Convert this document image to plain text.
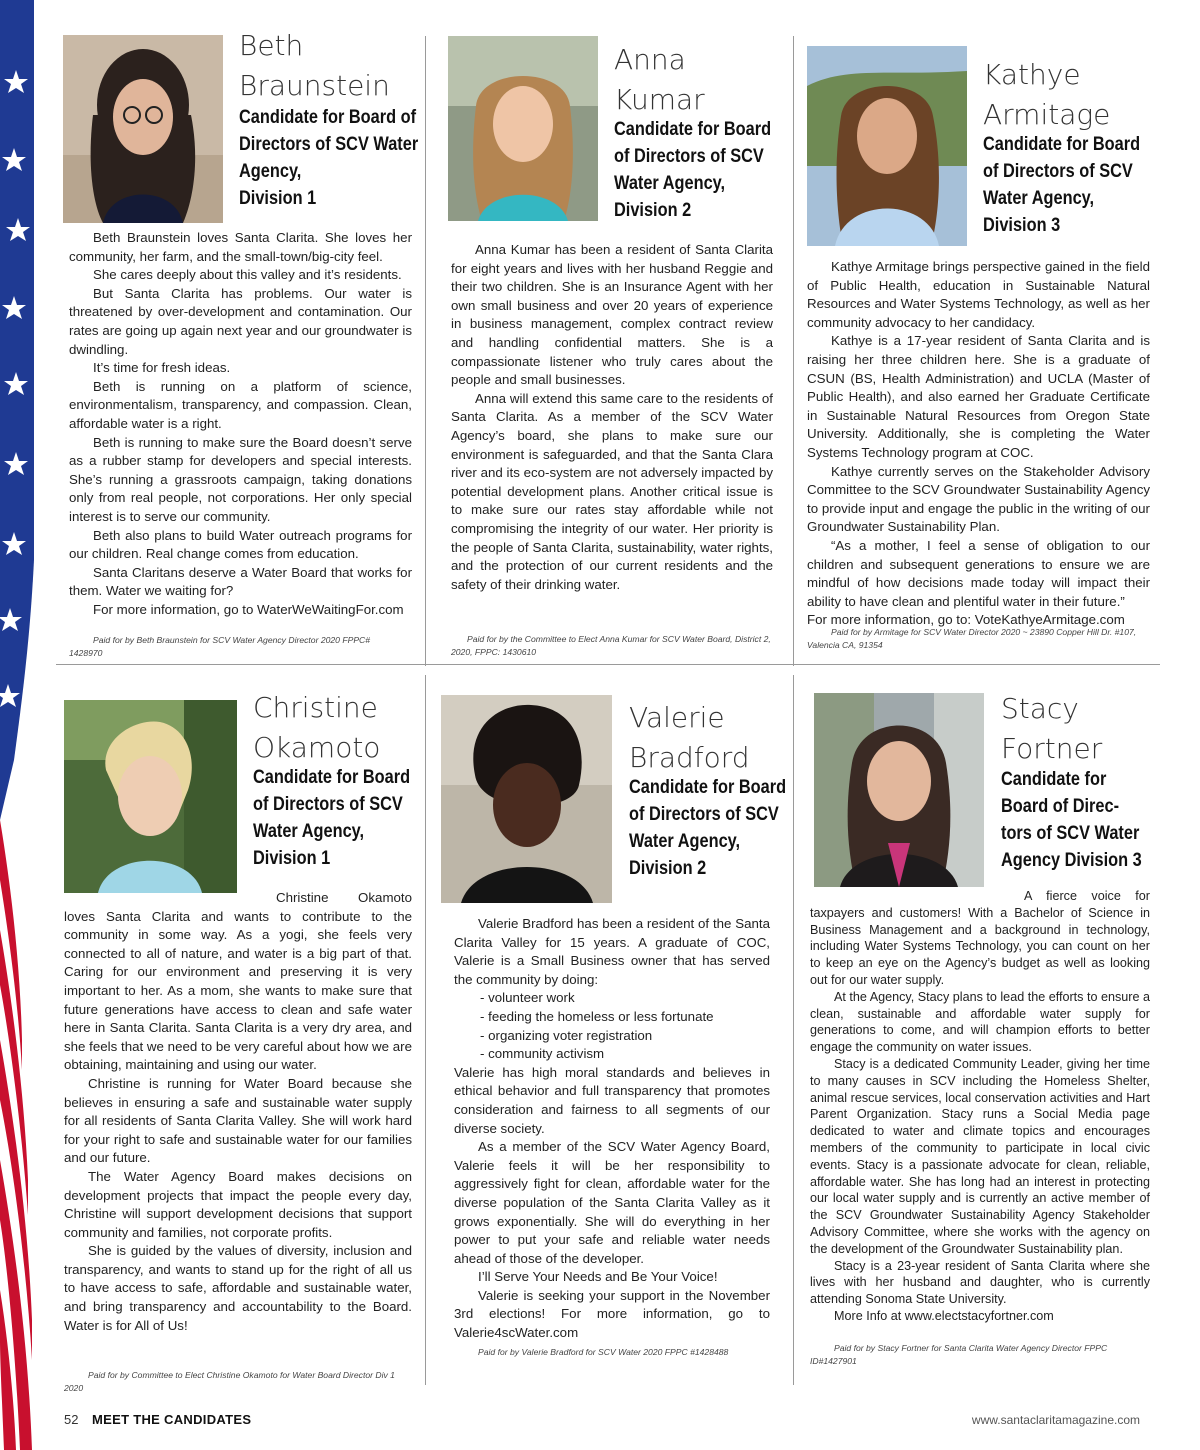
Beth
Braunstein
Candidate for Board of
Directors of SCV Water
Agency,
Division 1

Beth Braunstein loves Santa Clarita. She loves her community, her farm, and the small-town/big-city feel.

She cares deeply about this valley and it’s residents.

But Santa Clarita has problems. Our water is threatened by over-development and contamination. Our rates are going up again next year and our groundwater is dwindling.

It’s time for fresh ideas.

Beth is running on a platform of science, environmentalism, transparency, and compassion. Clean, affordable water is a right.

Beth is running to make sure the Board doesn’t serve as a rubber stamp for developers and special interests. She’s running a grassroots campaign, taking donations only from real people, not corporations. Her only special interest is to serve our community.

Beth also plans to build Water outreach programs for our children. Real change comes from education.

Santa Claritans deserve a Water Board that works for them. Water we waiting for?

For more information, go to WaterWeWaitingFor.com

Paid for by Beth Braunstein for SCV Water Agency Director 2020 FPPC# 1428970
Anna
Kumar
Candidate for Board
of Directors of SCV
Water Agency,
Division 2

Anna Kumar has been a resident of Santa Clarita for eight years and lives with her husband Reggie and their two children. She is an Insurance Agent with her own small business and over 20 years of experience in business management, complex contract review and handling confidential matters. She is a compassionate listener who truly cares about the people and small businesses.

Anna will extend this same care to the residents of Santa Clarita. As a member of the SCV Water Agency’s board, she plans to make sure our environment is safeguarded, and that the Santa Clara river and its eco-system are not adversely impacted by potential development plans. Another critical issue is to make sure our rates stay affordable while not compromising the integrity of our water. Her priority is the people of Santa Clarita, sustainability, water rights, and the protection of our current residents and the safety of their drinking water.

Paid for by the Committee to Elect Anna Kumar for SCV Water Board, District 2, 2020, FPPC: 1430610
Kathye
Armitage
Candidate for Board
of Directors of SCV
Water Agency,
Division 3

Kathye Armitage brings perspective gained in the field of Public Health, education in Sustainable Natural Resources and Water Systems Technology, as well as her community advocacy to her candidacy.

Kathye is a 17-year resident of Santa Clarita and is raising her three children here. She is a graduate of CSUN (BS, Health Administration) and UCLA (Master of Public Health), and also earned her Graduate Certificate in Sustainable Natural Resources from Oregon State University. Additionally, she is completing the Water Systems Technology program at COC.

Kathye currently serves on the Stakeholder Advisory Committee to the SCV Groundwater Sustainability Agency to provide input and engage the public in the writing of our Groundwater Sustainability Plan.

“As a mother, I feel a sense of obligation to our children and subsequent generations to ensure we are mindful of how decisions made today will impact their ability to have clean and plentiful water in their future.”

For more information, go to: VoteKathyeArmitage.com

Paid for by Armitage for SCV Water Director 2020 ~ 23890 Copper Hill Dr. #107, Valencia CA, 91354
Christine
Okamoto
Candidate for Board
of Directors of SCV
Water Agency,
Division 1

Christine Okamoto loves Santa Clarita and wants to contribute to the community in some way. As a yogi, she feels very connected to all of nature, and water is a big part of that. Caring for our environment and preserving it is very important to her. As a mom, she wants to make sure that future generations have access to clean and safe water here in Santa Clarita. Santa Clarita is a very dry area, and she feels that we need to be very careful about how we are obtaining, maintaining and using our water.

Christine is running for Water Board because she believes in ensuring a safe and sustainable water supply for all residents of Santa Clarita Valley. She will work hard for your right to safe and sustainable water for our families and our future.

The Water Agency Board makes decisions on development projects that impact the people every day, Christine will support development decisions that support community and families, not corporate profits.

She is guided by the values of diversity, inclusion and transparency, and wants to stand up for the right of all us to have access to safe, affordable and sustainable water, and bring transparency and accountability to the Board. Water is for All of Us!

Paid for by Committee to Elect Christine Okamoto for Water Board Director Div 1 2020
Valerie
Bradford
Candidate for Board
of Directors of SCV
Water Agency,
Division 2

Valerie Bradford has been a resident of the Santa Clarita Valley for 15 years. A graduate of COC, Valerie is a Small Business owner that has served the community by doing:

- volunteer work

- feeding the homeless or less fortunate

- organizing voter registration

- community activism

Valerie has high moral standards and believes in ethical behavior and full transparency that promotes consideration and fairness to all segments of our diverse society.

As a member of the SCV Water Agency Board, Valerie feels it will be her responsibility to aggressively fight for clean, affordable water for the diverse population of the Santa Clarita Valley as it grows exponentially. She will do everything in her power to put your safe and reliable water needs ahead of those of the developer.

I’ll Serve Your Needs and Be Your Voice!

Valerie is seeking your support in the November 3rd elections! For more information, go to Valerie4scWater.com

Paid for by Valerie Bradford for SCV Water 2020 FPPC #1428488
Stacy
Fortner
Candidate for
Board of Direc-
tors of SCV Water
Agency Division 3

A fierce voice for taxpayers and customers! With a Bachelor of Science in Business Management and a background in technology, including Water Systems Technology, you can count on her to keep an eye on the Agency’s budget as well as looking out for our water supply.

At the Agency, Stacy plans to lead the efforts to ensure a clean, sustainable and affordable water supply for generations to come, and will champion efforts to better engage the community on water issues.

Stacy is a dedicated Community Leader, giving her time to many causes in SCV including the Homeless Shelter, animal rescue services, local conservation activities and Hart Parent Organization. Stacy runs a Social Media page dedicated to water and climate topics and encourages members of the community to participate in local civic events. Stacy is a passionate advocate for clean, reliable, affordable water. She has long had an interest in protecting our local water supply and is currently an active member of the SCV Groundwater Sustainability Agency Stakeholder Advisory Committee, where she works with the agency on the development of the Groundwater Sustainability plan.

Stacy is a 23-year resident of Santa Clarita where she lives with her husband and daughter, who is currently attending Sonoma State University.

More Info at www.electstacyfortner.com

Paid for by Stacy Fortner for Santa Clarita Water Agency Director FPPC ID#1427901
52 MEET THE CANDIDATES	www.santaclaritamagazine.com
